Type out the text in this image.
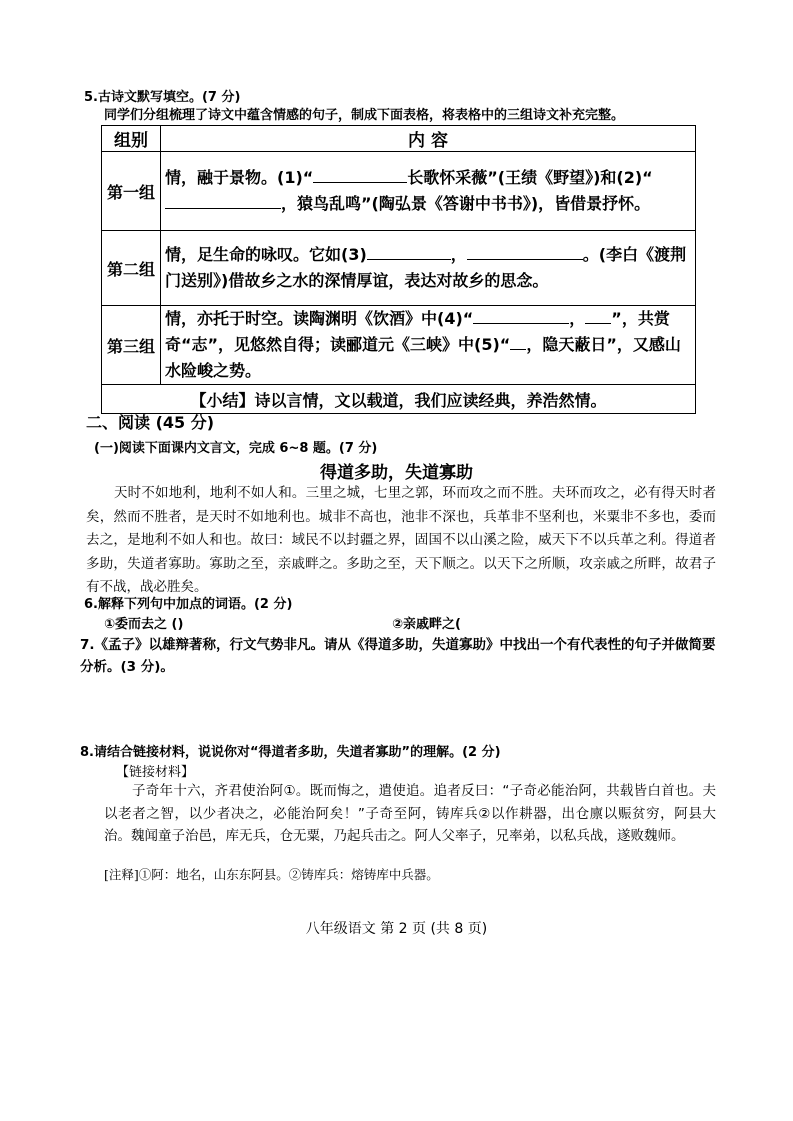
5.古诗文默写填空。(7 分)
同学们分组梳理了诗文中蕴含情感的句子，制成下面表格，将表格中的三组诗文补充完整。
组别	内 容
第一组	情，融于景物。(1)“ 长歌怀采薇”(王绩《野望》)和(2)“，猿鸟乱鸣”(陶弘景《答谢中书书》)，皆借景抒怀。

第二组	情，足生命的咏叹。它如(3) ， 。(李白《渡荆门送别》)借故乡之水的深情厚谊，表达对故乡的思念。

第三组	情，亦托于时空。读陶渊明《饮酒》中(4)“ ， ”，共赏奇“志”，见悠然自得；读郦道元《三峡》中(5)“ ，隐天蔽日”，又感山水险峻之势。

【小结】诗以言情，文以载道，我们应读经典，养浩然情。	
二、阅读 (45 分)
(一)阅读下面课内文言文，完成 6~8 题。(7 分)
得道多助，失道寡助
天时不如地利，地利不如人和。三里之城，七里之郭，环而攻之而不胜。夫环而攻之，必有得天时者矣，然而不胜者，是天时不如地利也。城非不高也，池非不深也，兵革非不坚利也，米粟非不多也，委而去之，是地利不如人和也。故曰：域民不以封疆之界，固国不以山溪之险，威天下不以兵革之利。得道者多助，失道者寡助。寡助之至，亲戚畔之。多助之至，天下顺之。以天下之所顺，攻亲戚之所畔，故君子有不战，战必胜矣。
6.解释下列句中加点的词语。(2 分)
①委而去之 ()	②亲戚畔之(
7.《孟子》以雄辩著称，行文气势非凡。请从《得道多助，失道寡助》中找出一个有代表性的句子并做简要分析。(3 分)。
8.请结合链接材料，说说你对“得道者多助，失道者寡助”的理解。(2 分)
【链接材料】
子奇年十六，齐君使治阿①。既而悔之，遣使追。追者反曰：“子奇必能治阿，共载皆白首也。夫以老者之智，以少者决之，必能治阿矣！”子奇至阿，铸库兵②以作耕器，出仓廪以赈贫穷，阿县大治。魏闻童子治邑，库无兵，仓无粟，乃起兵击之。阿人父率子，兄率弟，以私兵战，遂败魏师。
[注释]①阿：地名，山东东阿县。②铸库兵：熔铸库中兵器。
八年级语文 第 2 页 (共 8 页)
